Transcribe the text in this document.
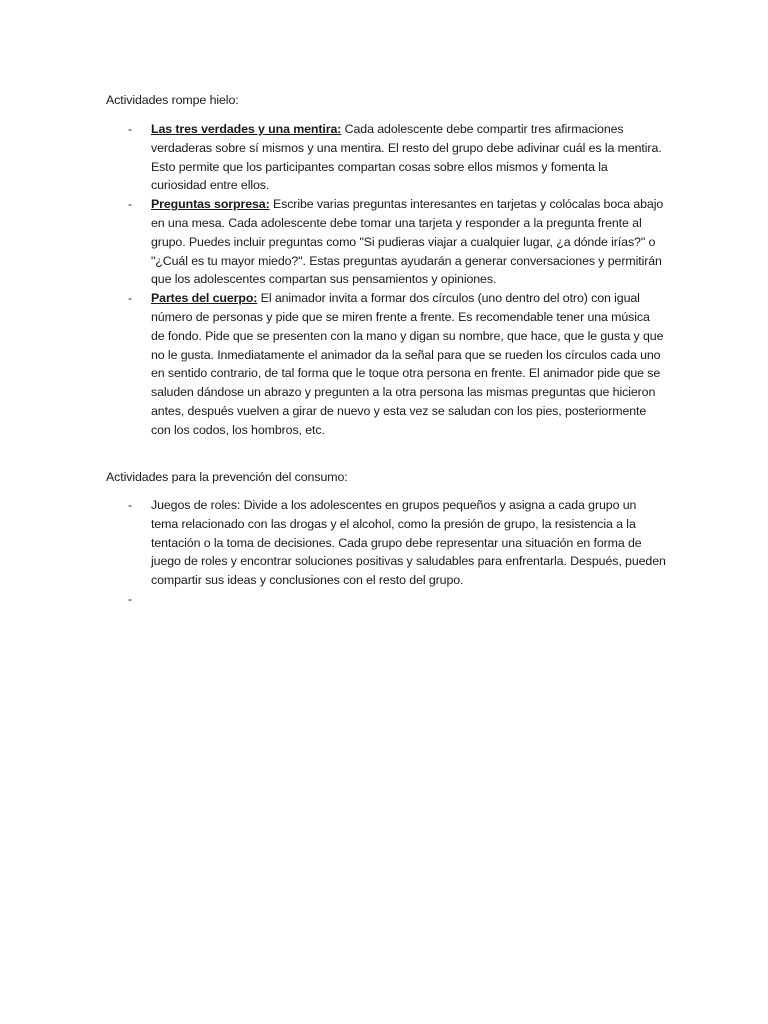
Actividades rompe hielo:

- Las tres verdades y una mentira: Cada adolescente debe compartir tres afirmaciones verdaderas sobre sí mismos y una mentira. El resto del grupo debe adivinar cuál es la mentira. Esto permite que los participantes compartan cosas sobre ellos mismos y fomenta la curiosidad entre ellos.
- Preguntas sorpresa: Escribe varias preguntas interesantes en tarjetas y colócalas boca abajo en una mesa. Cada adolescente debe tomar una tarjeta y responder a la pregunta frente al grupo. Puedes incluir preguntas como "Si pudieras viajar a cualquier lugar, ¿a dónde irías?" o "¿Cuál es tu mayor miedo?". Estas preguntas ayudarán a generar conversaciones y permitirán que los adolescentes compartan sus pensamientos y opiniones.
- Partes del cuerpo: El animador invita a formar dos círculos (uno dentro del otro) con igual número de personas y pide que se miren frente a frente. Es recomendable tener una música de fondo. Pide que se presenten con la mano y digan su nombre, que hace, que le gusta y que no le gusta. Inmediatamente el animador da la señal para que se rueden los círculos cada uno en sentido contrario, de tal forma que le toque otra persona en frente. El animador pide que se saluden dándose un abrazo y pregunten a la otra persona las mismas preguntas que hicieron antes, después vuelven a girar de nuevo y esta vez se saludan con los pies, posteriormente con los codos, los hombros, etc.

Actividades para la prevención del consumo:

- Juegos de roles: Divide a los adolescentes en grupos pequeños y asigna a cada grupo un tema relacionado con las drogas y el alcohol, como la presión de grupo, la resistencia a la tentación o la toma de decisiones. Cada grupo debe representar una situación en forma de juego de roles y encontrar soluciones positivas y saludables para enfrentarla. Después, pueden compartir sus ideas y conclusiones con el resto del grupo.
-
